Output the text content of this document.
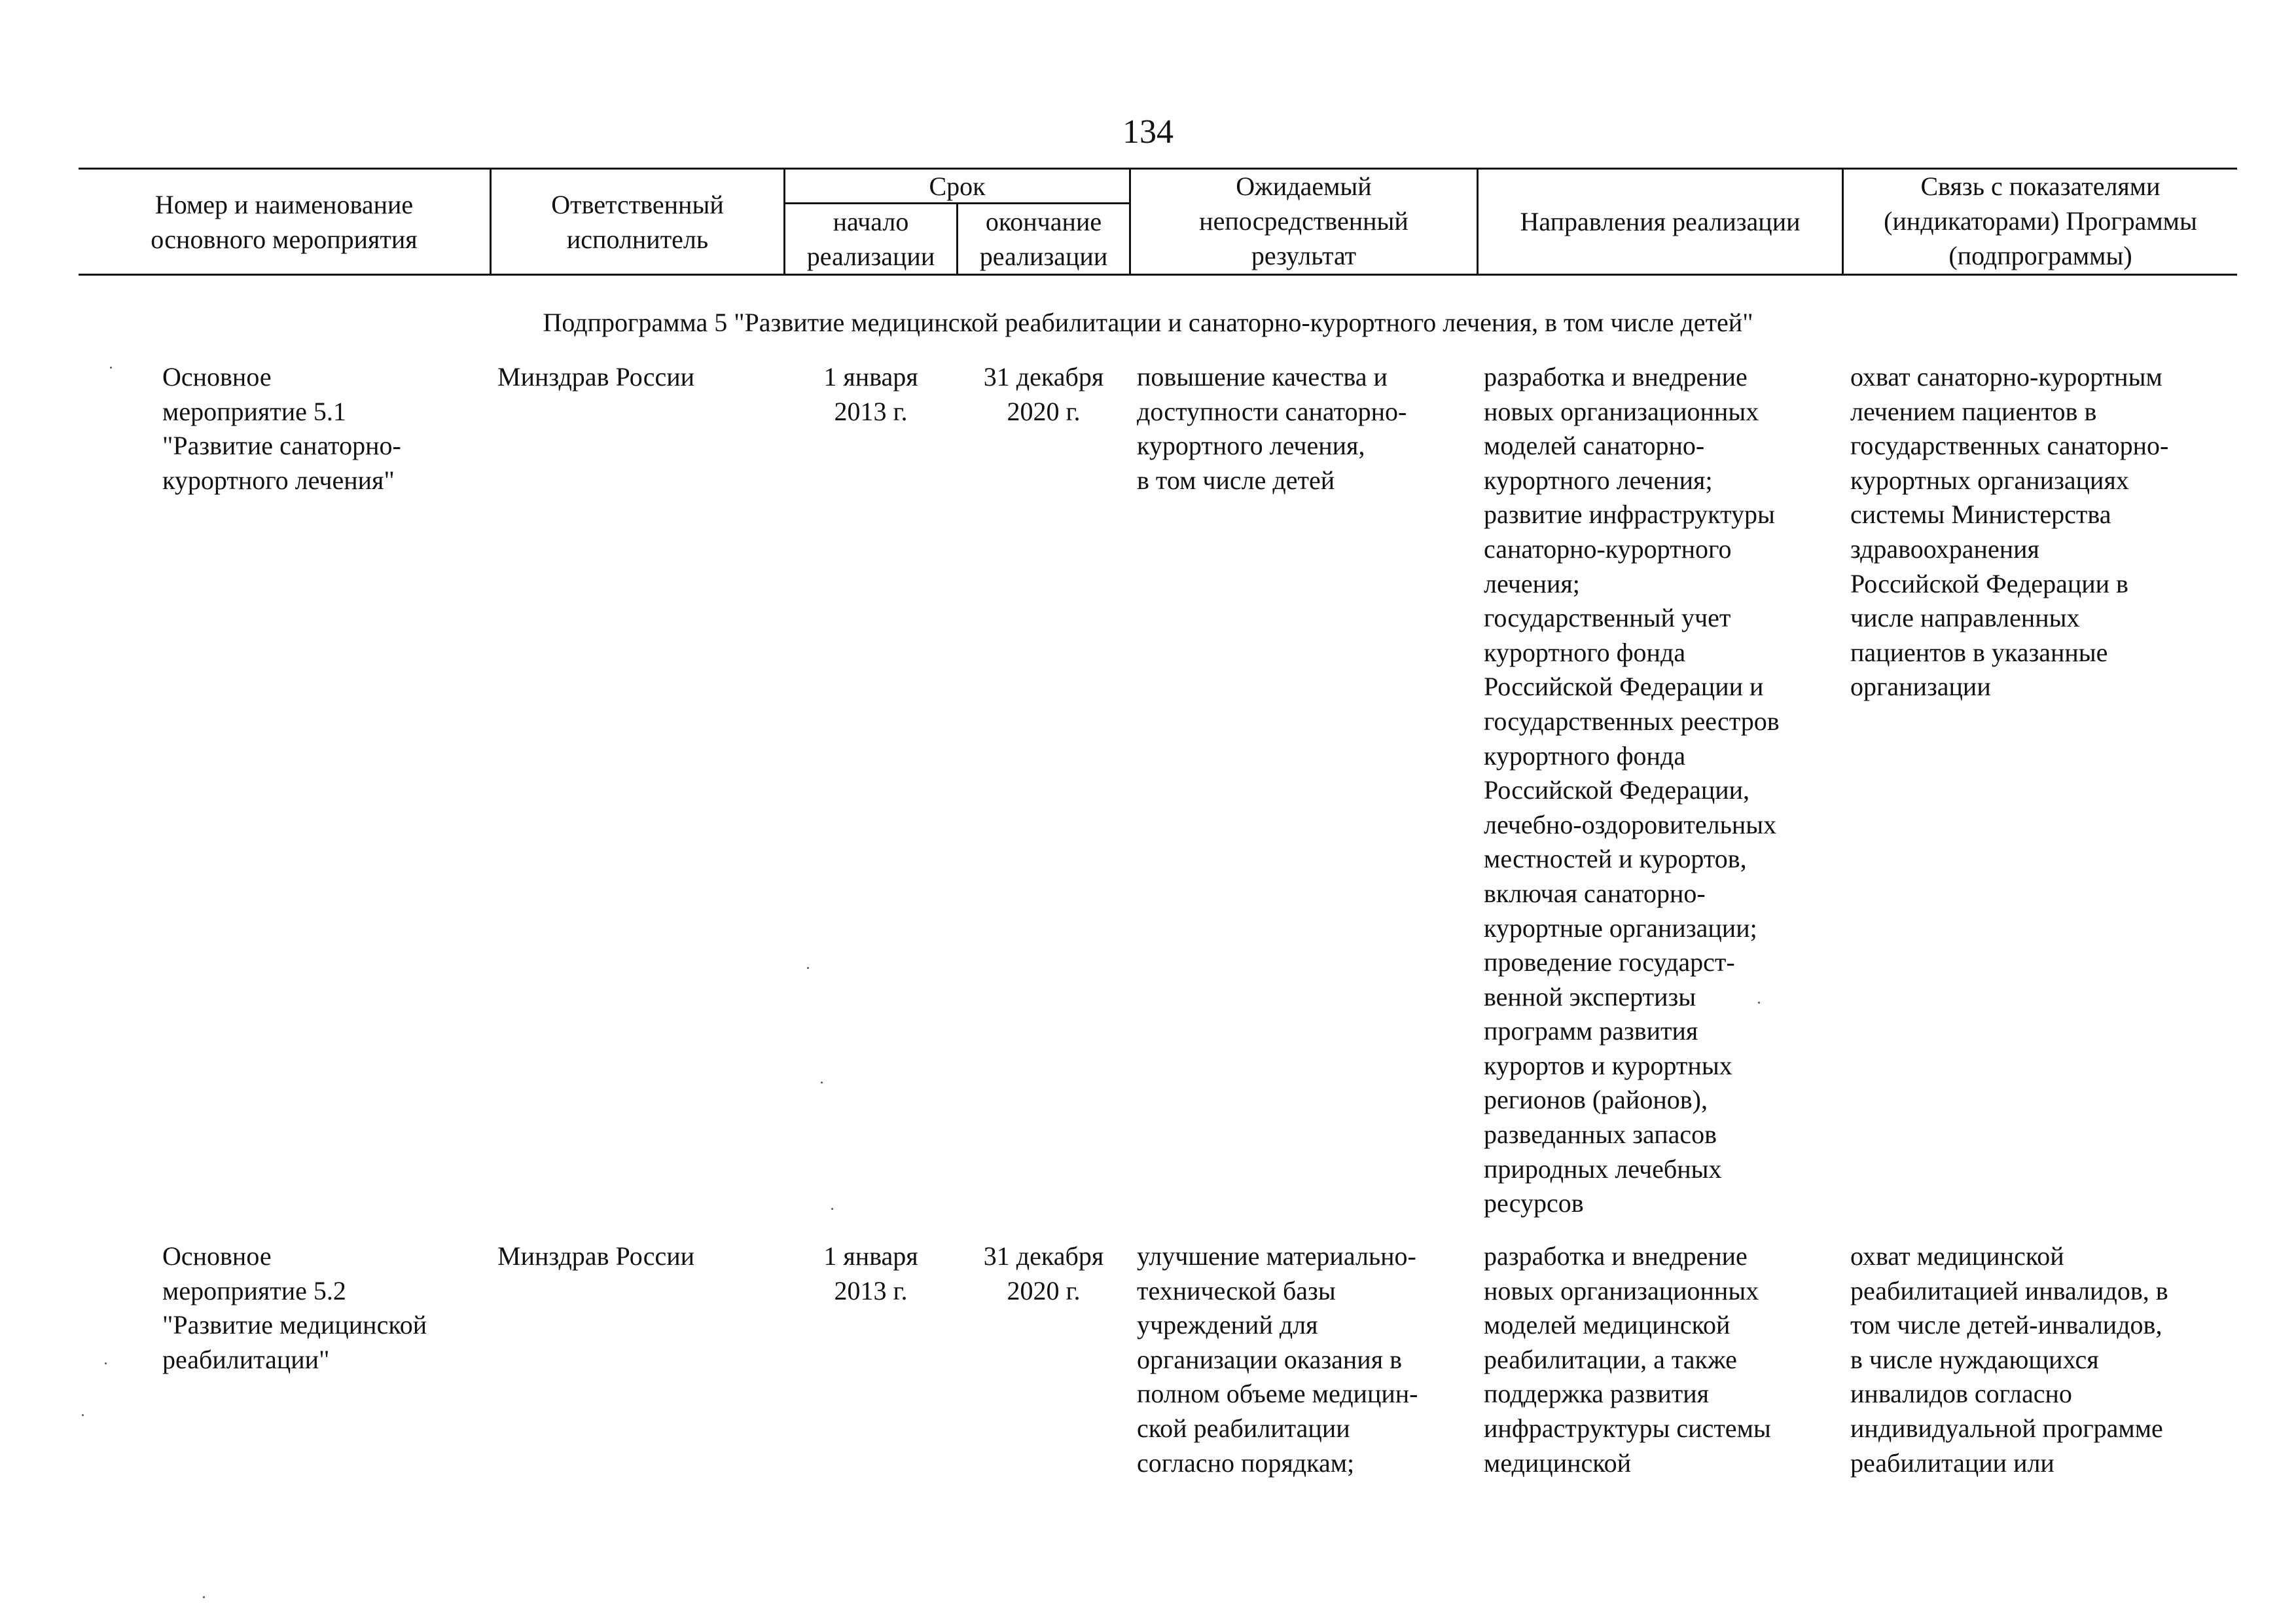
134
Номер и наименование
основного мероприятия
Ответственный
исполнитель
Срок
начало
реализации
окончание
реализации
Ожидаемый
непосредственный
результат
Направления реализации
Связь с показателями
(индикаторами) Программы
(подпрограммы)
Подпрограмма 5 "Развитие медицинской реабилитации и санаторно-курортного лечения, в том числе детей"
Основное
мероприятие 5.1
"Развитие санаторно-
курортного лечения"
Минздрав России	1 января
2013 г.
31 декабря
2020 г.
повышение качества и
доступности санаторно-
курортного лечения,
в том числе детей
разработка и внедрение
новых организационных
моделей санаторно-
курортного лечения;
развитие инфраструктуры
санаторно-курортного
лечения;
государственный учет
курортного фонда
Российской Федерации и
государственных реестров
курортного фонда
Российской Федерации,
лечебно-оздоровительных
местностей и курортов,
включая санаторно-
курортные организации;
проведение государст-
венной экспертизы
программ развития
курортов и курортных
регионов (районов),
разведанных запасов
природных лечебных
ресурсов
охват санаторно-курортным
лечением пациентов в
государственных санаторно-
курортных организациях
системы Министерства
здравоохранения
Российской Федерации в
числе направленных
пациентов в указанные
организации
Основное
мероприятие 5.2
"Развитие медицинской
реабилитации"
Минздрав России	1 января
2013 г.
31 декабря
2020 г.
улучшение материально-
технической базы
учреждений для
организации оказания в
полном объеме медицин-
ской реабилитации
согласно порядкам;
разработка и внедрение
новых организационных
моделей медицинской
реабилитации, а также
поддержка развития
инфраструктуры системы
медицинской
охват медицинской
реабилитацией инвалидов, в
том числе детей-инвалидов,
в числе нуждающихся
инвалидов согласно
индивидуальной программе
реабилитации или
